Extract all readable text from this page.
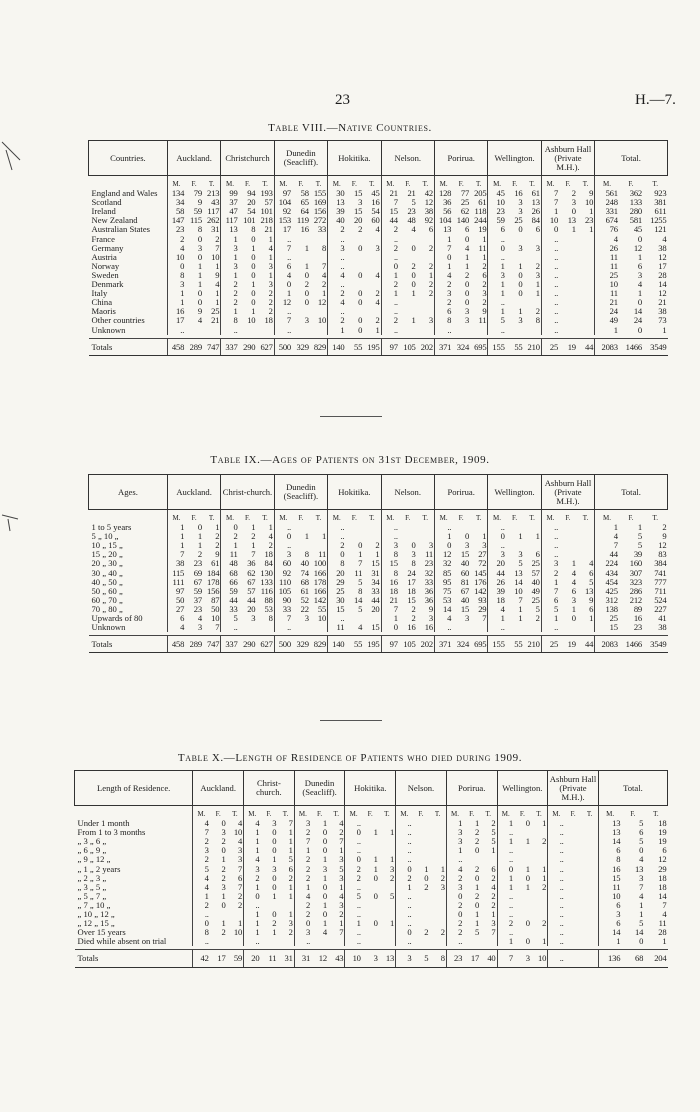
23	H.—7.
Table VIII.—Native Countries.
Countries.	Auckland.			Christchurch			Dunedin (Seacliff).			Hokitika.			Nelson.			Porirua.			Wellington.			Ashburn Hall (Private M.H.).			Total.		
	M.	F.	T.	M.	F.	T.	M.	F.	T.	M.	F.	T.	M.	F.	T.	M.	F.	T.	M.	F.	T.	M.	F.	T.	M.	F.	T.
England and Wales	134	79	213	99	94	193	97	58	155	30	15	45	21	21	42	128	77	205	45	16	61	7	2	9	561	362	923
Scotland	34	9	43	37	20	57	104	65	169	13	3	16	7	5	12	36	25	61	10	3	13	7	3	10	248	133	381
Ireland	58	59	117	47	54	101	92	64	156	39	15	54	15	23	38	56	62	118	23	3	26	1	0	1	331	280	611
New Zealand	147	115	262	117	101	218	153	119	272	40	20	60	44	48	92	104	140	244	59	25	84	10	13	23	674	581	1255
Australian States	23	8	31	13	8	21	17	16	33	2	2	4	2	4	6	13	6	19	6	0	6	0	1	1	76	45	121
France	2	0	2	1	0	1	..			..			..			1	0	1	..			..			4	0	4
Germany	4	3	7	3	1	4	7	1	8	3	0	3	2	0	2	7	4	11	0	3	3	..			26	12	38
Austria	10	0	10	1	0	1	..			..			..			0	1	1	..			..			11	1	12
Norway	0	1	1	3	0	3	6	1	7	..			0	2	2	1	1	2	1	1	2	..			11	6	17
Sweden	8	1	9	1	0	1	4	0	4	4	0	4	1	0	1	4	2	6	3	0	3	..			25	3	28
Denmark	3	1	4	2	1	3	0	2	2	..			2	0	2	2	0	2	1	0	1	..			10	4	14
Italy	1	0	1	2	0	2	1	0	1	2	0	2	1	1	2	3	0	3	1	0	1	..			11	1	12
China	1	0	1	2	0	2	12	0	12	4	0	4	..			2	0	2	..			..			21	0	21
Maoris	16	9	25	1	1	2	..			..			..			6	3	9	1	1	2	..			24	14	38
Other countries	17	4	21	8	10	18	7	3	10	2	0	2	2	1	3	8	3	11	5	3	8	..			49	24	73
Unknown	..			..			..			1	0	1	..			..			..			..			1	0	1

Totals	458	289	747	337	290	627	500	329	829	140	55	195	97	105	202	371	324	695	155	55	210	25	19	44	2083	1466	3549
Table IX.—Ages of Patients on 31st December, 1909.
Ages.	Auckland.			Christ-church.			Dunedin (Seacliff).			Hokitika.			Nelson.			Porirua.			Wellington.			Ashburn Hall (Private M.H.).			Total.		
	M.	F.	T.	M.	F.	T.	M.	F.	T.	M.	F.	T.	M.	F.	T.	M.	F.	T.	M.	F.	T.	M.	F.	T.	M.	F.	T.
1 to 5 years	1	0	1	0	1	1	..			..			..			..			..			..			1	1	2
5 „ 10 „	1	1	2	2	2	4	0	1	1	..			..			1	0	1	0	1	1	..			4	5	9
10 „ 15 „	1	1	2	1	1	2	..			2	0	2	3	0	3	0	3	3	..			..			7	5	12
15 „ 20 „	7	2	9	11	7	18	3	8	11	0	1	1	8	3	11	12	15	27	3	3	6	..			44	39	83
20 „ 30 „	38	23	61	48	36	84	60	40	100	8	7	15	15	8	23	32	40	72	20	5	25	3	1	4	224	160	384
30 „ 40 „	115	69	184	68	62	130	92	74	166	20	11	31	8	24	32	85	60	145	44	13	57	2	4	6	434	307	741
40 „ 50 „	111	67	178	66	67	133	110	68	178	29	5	34	16	17	33	95	81	176	26	14	40	1	4	5	454	323	777
50 „ 60 „	97	59	156	59	57	116	105	61	166	25	8	33	18	18	36	75	67	142	39	10	49	7	6	13	425	286	711
60 „ 70 „	50	37	87	44	44	88	90	52	142	30	14	44	21	15	36	53	40	93	18	7	25	6	3	9	312	212	524
70 „ 80 „	27	23	50	33	20	53	33	22	55	15	5	20	7	2	9	14	15	29	4	1	5	5	1	6	138	89	227
Upwards of 80	6	4	10	5	3	8	7	3	10	..			1	2	3	4	3	7	1	1	2	1	0	1	25	16	41
Unknown	4	3	7	..			..			11	4	15	0	16	16	..			..			..			15	23	38

Totals	458	289	747	337	290	627	500	329	829	140	55	195	97	105	202	371	324	695	155	55	210	25	19	44	2083	1466	3549
Table X.—Length of Residence of Patients who died during 1909.
Length of Residence.	Auckland.			Christ-church.			Dunedin (Seacliff).			Hokitika.			Nelson.			Porirua.			Wellington.			Ashburn Hall (Private M.H.).			Total.		
	M.	F.	T.	M.	F.	T.	M.	F.	T.	M.	F.	T.	M.	F.	T.	M.	F.	T.	M.	F.	T.	M.	F.	T.	M.	F.	T.
Under 1 month	4	0	4	4	3	7	3	1	4	..			..			1	1	2	1	0	1	..			13	5	18
From 1 to 3 months	7	3	10	1	0	1	2	0	2	0	1	1	..			3	2	5	..			..			13	6	19
„ 3 „ 6 „	2	2	4	1	0	1	7	0	7	..			..			3	2	5	1	1	2	..			14	5	19
„ 6 „ 9 „	3	0	3	1	0	1	1	0	1	..			..			1	0	1	..			..			6	0	6
„ 9 „ 12 „	2	1	3	4	1	5	2	1	3	0	1	1	..			..			..			..			8	4	12
„ 1 „ 2 years	5	2	7	3	3	6	2	3	5	2	1	3	0	1	1	4	2	6	0	1	1	..			16	13	29
„ 2 „ 3 „	4	2	6	2	0	2	2	1	3	2	0	2	2	0	2	2	0	2	1	0	1	..			15	3	18
„ 3 „ 5 „	4	3	7	1	0	1	1	0	1	..			1	2	3	3	1	4	1	1	2	..			11	7	18
„ 5 „ 7 „	1	1	2	0	1	1	4	0	4	5	0	5	..			0	2	2	..			..			10	4	14
„ 7 „ 10 „	2	0	2	..			2	1	3	..			..			2	0	2	..			..			6	1	7
„ 10 „ 12 „	..			1	0	1	2	0	2	..			..			0	1	1	..			..			3	1	4
„ 12 „ 15 „	0	1	1	1	2	3	0	1	1	1	0	1	..			2	1	3	2	0	2	..			6	5	11
Over 15 years	8	2	10	1	1	2	3	4	7	..			0	2	2	2	5	7	..			..			14	14	28
Died while absent on trial	..			..			..			..			..			..			1	0	1	..			1	0	1

Totals	42	17	59	20	11	31	31	12	43	10	3	13	3	5	8	23	17	40	7	3	10	..			136	68	204
